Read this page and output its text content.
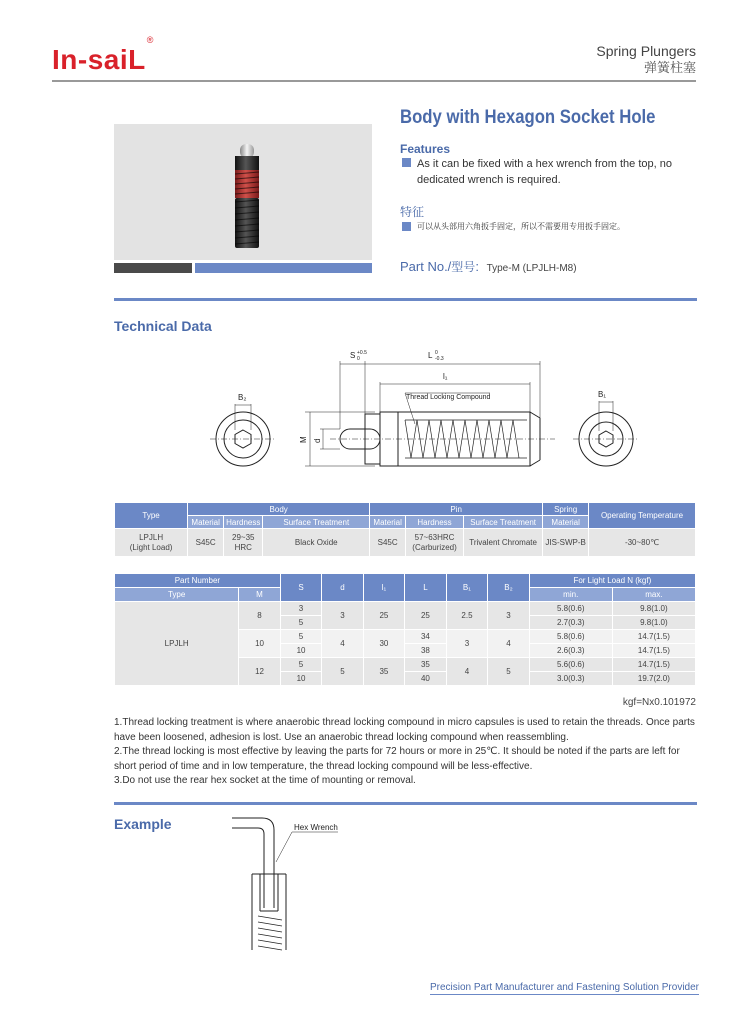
In-saiL®
Spring Plungers
弹簧柱塞
Body with Hexagon Socket Hole
Features
As it can be fixed with a hex wrench from the top, no dedicated wrench is required.
特征
可以从头部用六角扳手固定，所以不需要用专用扳手固定。
Part No./型号: Type-M (LPJLH-M8)
Technical Data
S +0.5
0	L 0
-0.3
l₁
Thread Locking Compound
B₂	B₁
M d
Type	Body			Pin			Spring	Operating Temperature
	Material	Hardness	Surface Treatment	Material	Hardness	Surface Treatment	Material	
LPJLH
(Light Load)	S45C	29~35 HRC	Black Oxide	S45C	57~63HRC (Carburized)	Trivalent Chromate	JIS-SWP-B	-30~80℃
Part Number		S	d	l₁	L	B₁	B₂	For Light Load N (kgf)	
Type	M							min.	max.
LPJLH	8	3	3	25	25	2.5	3	5.8(0.6)	9.8(1.0)
		5						2.7(0.3)	9.8(1.0)
	10	5	4	30	34	3	4	5.8(0.6)	14.7(1.5)
		10			38			2.6(0.3)	14.7(1.5)
	12	5	5	35	35	4	5	5.6(0.6)	14.7(1.5)
		10			40			3.0(0.3)	19.7(2.0)
kgf=Nx0.101972
1.Thread locking treatment is where anaerobic thread locking compound in micro capsules is used to retain the threads. Once parts have been loosened, adhesion is lost. Use an anaerobic thread locking compound when reassembling.
2.The thread locking is most effective by leaving the parts for 72 hours or more in 25℃. It should be noted if the parts are left for short period of time and in low temperature, the thread locking compound will be less-effective.
3.Do not use the rear hex socket at the time of mounting or removal.
Example	Hex Wrench
Precision Part Manufacturer and Fastening Solution Provider
